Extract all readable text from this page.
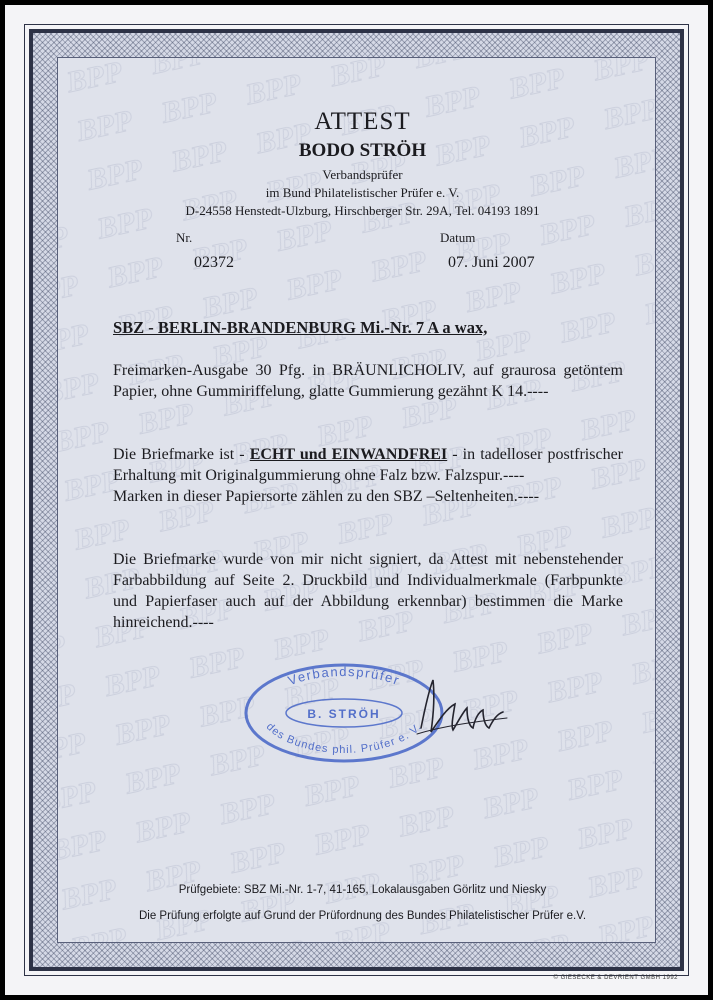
ATTEST
BODO STRÖH
Verbandsprüfer
im Bund Philatelistischer Prüfer e. V.
D-24558 Henstedt-Ulzburg, Hirschberger Str. 29A, Tel. 04193 1891
Nr.	Datum
02372	07. Juni 2007
SBZ - BERLIN-BRANDENBURG Mi.-Nr. 7 A a wax,
Freimarken-Ausgabe 30 Pfg. in BRÄUNLICHOLIV, auf graurosa getöntem Papier, ohne Gummiriffelung, glatte Gummierung gezähnt K 14.----
Die Briefmarke ist - ECHT und EINWANDFREI - in tadelloser postfrischer Erhaltung mit Originalgummierung ohne Falz bzw. Falzspur.----
Marken in dieser Papiersorte zählen zu den SBZ –Seltenheiten.----
Die Briefmarke wurde von mir nicht signiert, da Attest mit nebenstehender Farbabbildung auf Seite 2. Druckbild und Individualmerkmale (Farbpunkte und Papierfaser auch auf der Abbildung erkennbar) bestimmen die Marke hinreichend.----
Verbandsprüfer
B. STRÖH
des Bundes phil. Prüfer e. V.
Prüfgebiete: SBZ Mi.-Nr. 1-7, 41-165, Lokalausgaben Görlitz und Niesky
Die Prüfung erfolgte auf Grund der Prüfordnung des Bundes Philatelistischer Prüfer e.V.
© GIESECKE & DEVRIENT GMBH 1992
